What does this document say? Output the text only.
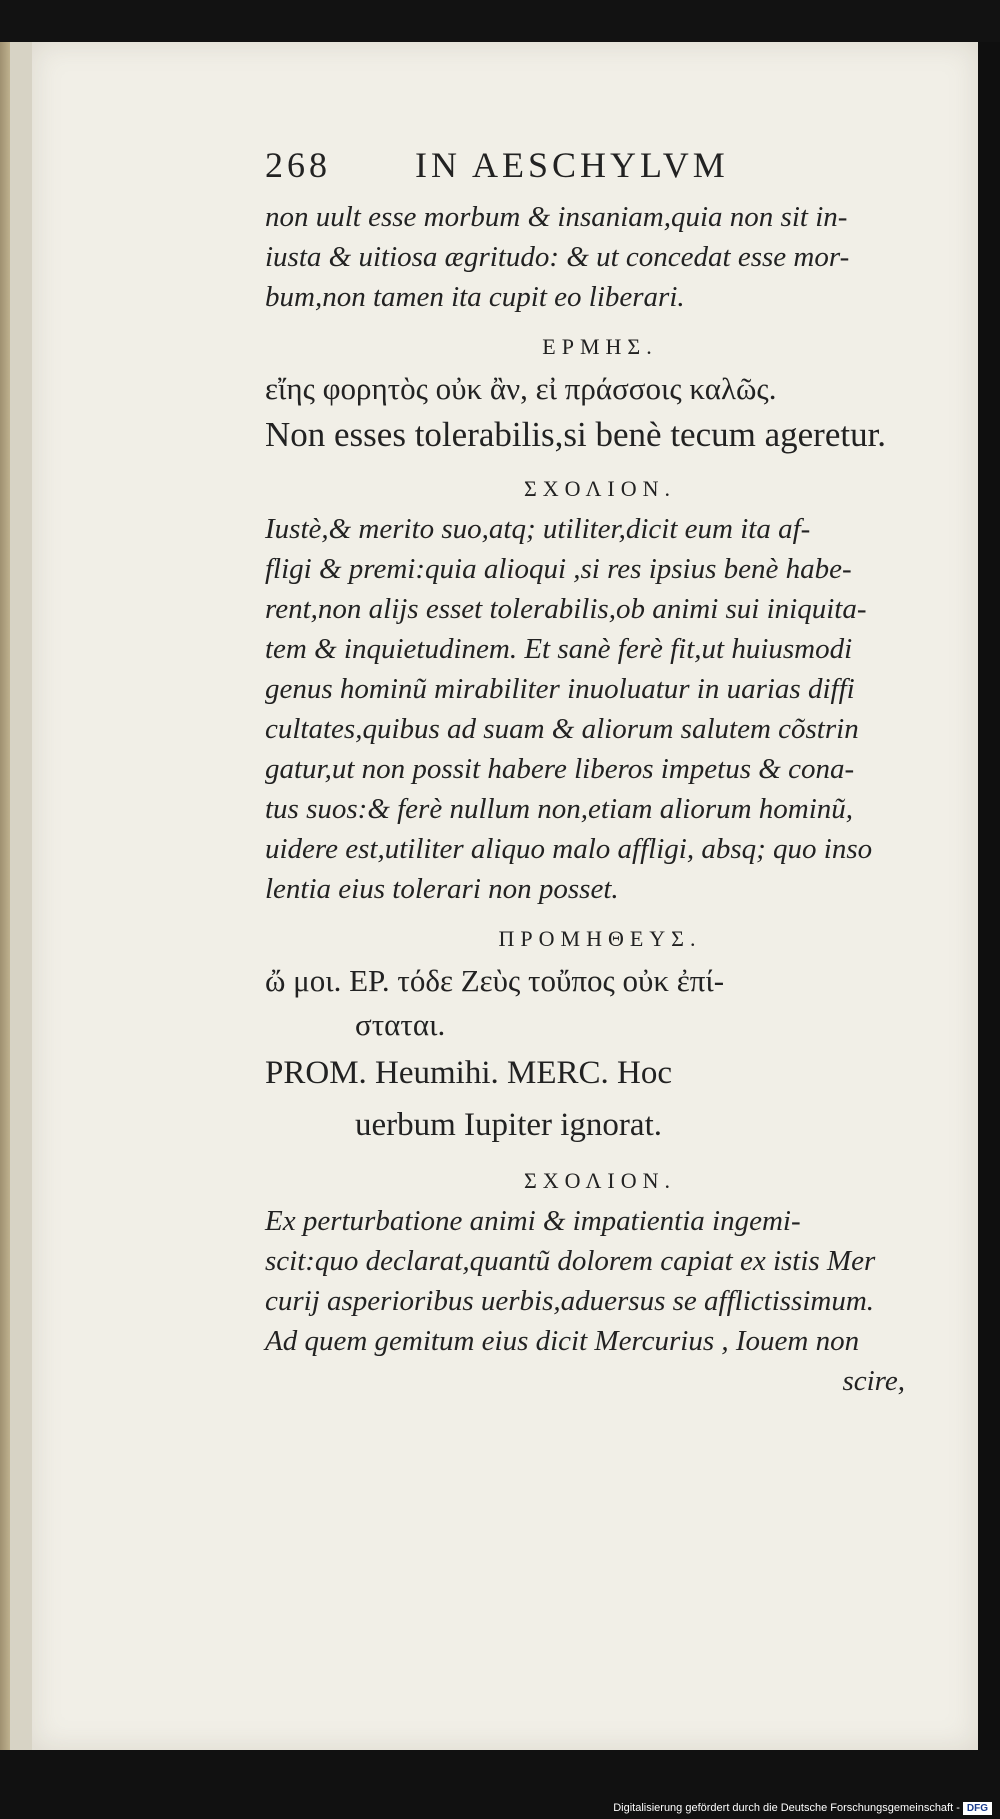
268 IN AESCHYLVM
non uult esse morbum & insaniam,quia non sit in-
iusta & uitiosa ægritudo: & ut concedat esse mor-
bum,non tamen ita cupit eo liberari.
ΕΡΜΗΣ.
εἴης φορητὸς οὐκ ἂν, εἰ πράσσοις καλῶς.
Non esses tolerabilis,si benè tecum ageretur.
ΣΧΟΛΙΟΝ.
Iustè,& merito suo,atq; utiliter,dicit eum ita af-
fligi & premi:quia alioqui ,si res ipsius benè habe-
rent,non alijs esset tolerabilis,ob animi sui iniquita-
tem & inquietudinem. Et sanè ferè fit,ut huiusmodi
genus hominũ mirabiliter inuoluatur in uarias diffi
cultates,quibus ad suam & aliorum salutem cõstrin
gatur,ut non possit habere liberos impetus & cona-
tus suos:& ferè nullum non,etiam aliorum hominũ,
uidere est,utiliter aliquo malo affligi, absq; quo inso
lentia eius tolerari non posset.
ΠΡΟΜΗΘΕΥΣ.
ὤ μοι. ΕΡ. τόδε Ζεὺς τοὔπος οὐκ ἐπί-
σταται.
PROM. Heumihi. MERC. Hoc
uerbum Iupiter ignorat.
ΣΧΟΛΙΟΝ.
Ex perturbatione animi & impatientia ingemi-
scit:quo declarat,quantũ dolorem capiat ex istis Mer
curij asperioribus uerbis,aduersus se afflictissimum.
Ad quem gemitum eius dicit Mercurius , Iouem non
scire,
Digitalisierung gefördert durch die Deutsche Forschungsgemeinschaft - DFG
